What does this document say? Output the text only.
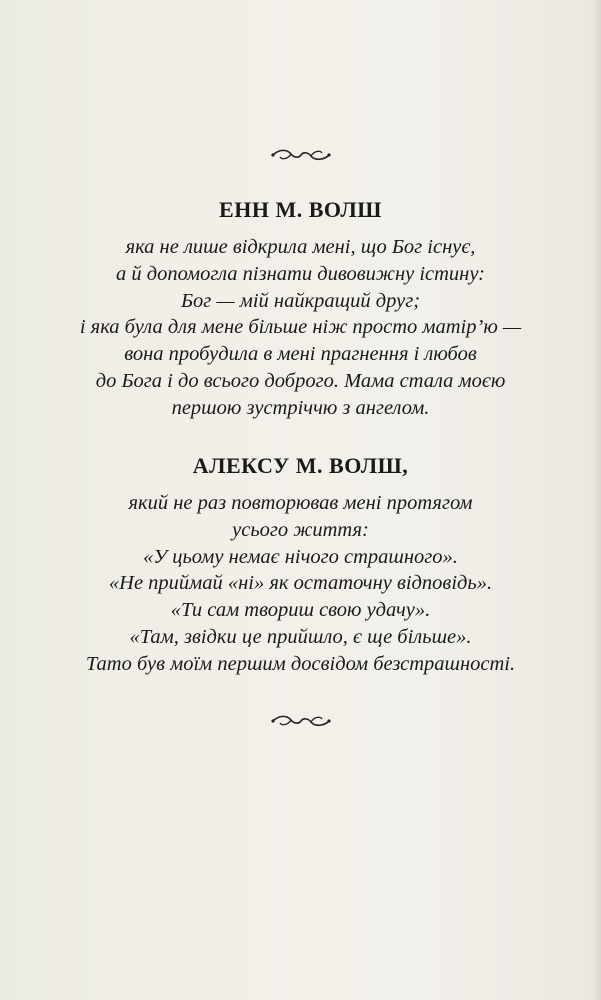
ЕНН М. ВОЛШ
яка не лише відкрила мені, що Бог існує,
а й допомогла пізнати дивовижну істину:
Бог — мій найкращий друг;
і яка була для мене більше ніж просто матір’ю —
вона пробудила в мені прагнення і любов
до Бога і до всього доброго. Мама стала моєю
першою зустріччю з ангелом.
АЛЕКСУ М. ВОЛШ,
який не раз повторював мені протягом
усього життя:
«У цьому немає нічого страшного».
«Не приймай «ні» як остаточну відповідь».
«Ти сам твориш свою удачу».
«Там, звідки це прийшло, є ще більше».
Тато був моїм першим досвідом безстрашності.
